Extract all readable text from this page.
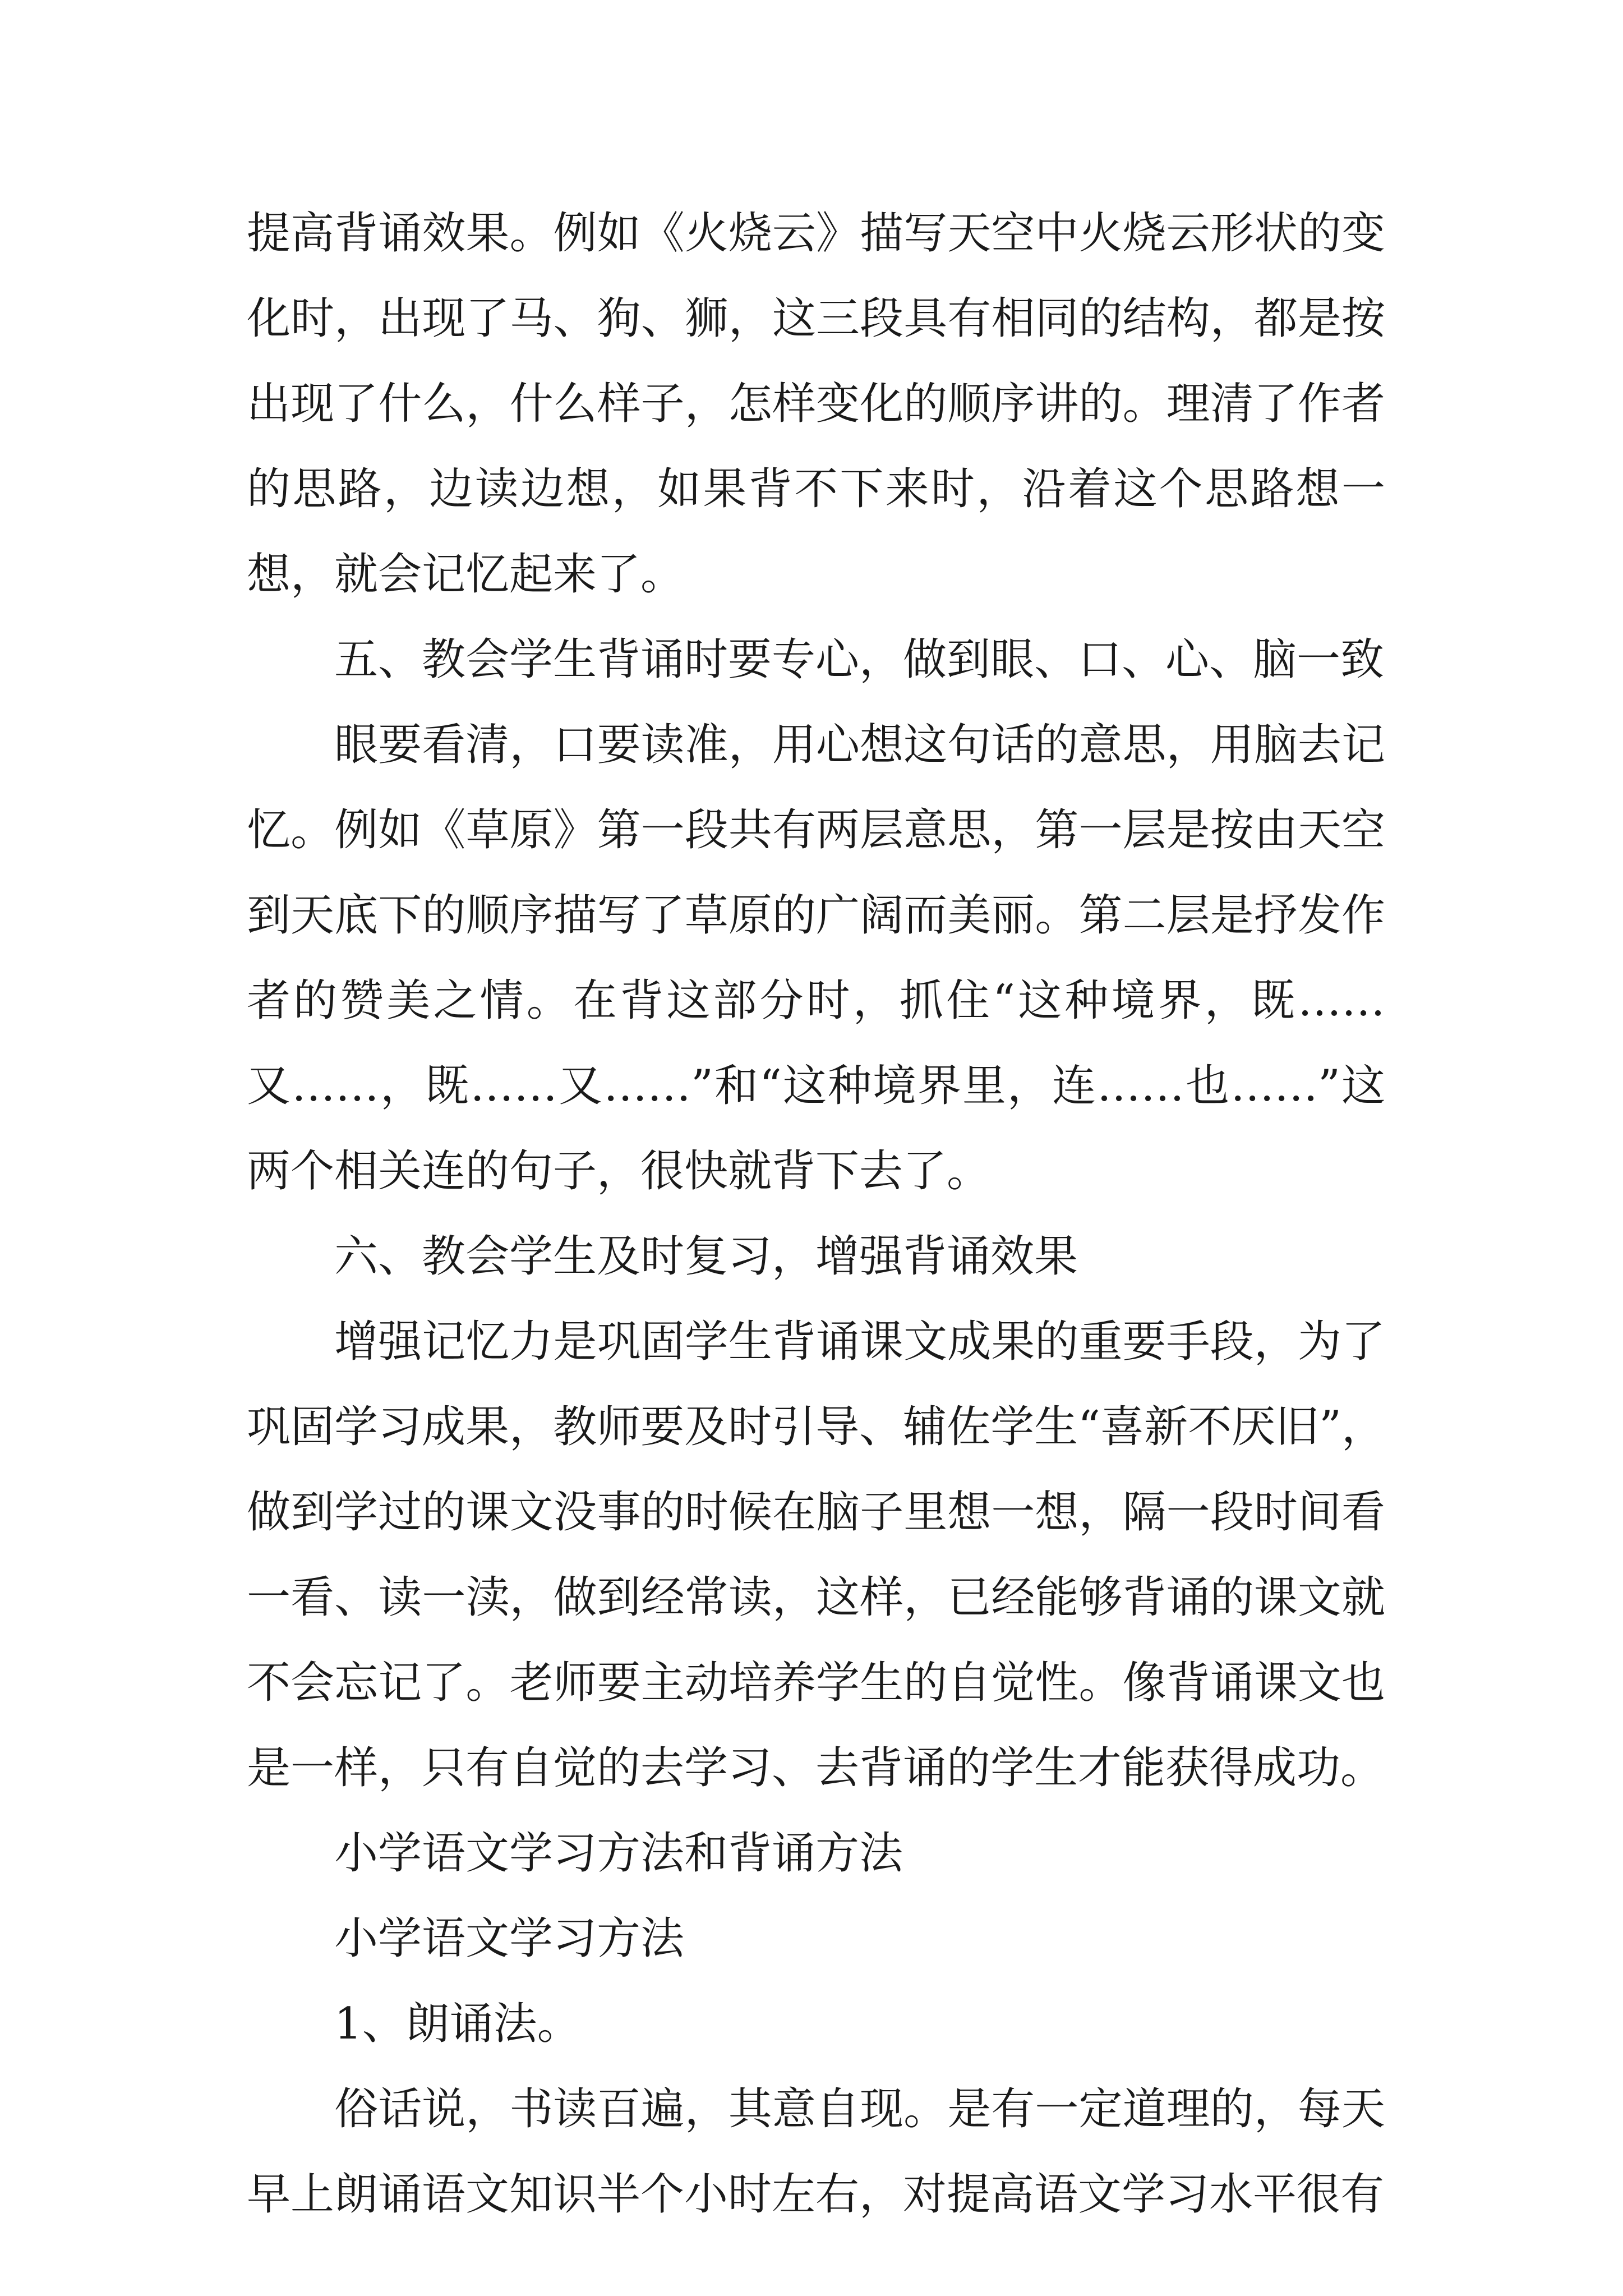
提高背诵效果。例如《火烧云》描写天空中火烧云形状的变化时，出现了马、狗、狮，这三段具有相同的结构，都是按出现了什么，什么样子，怎样变化的顺序讲的。理清了作者的思路，边读边想，如果背不下来时，沿着这个思路想一想，就会记忆起来了。

五、教会学生背诵时要专心，做到眼、口、心、脑一致

眼要看清，口要读准，用心想这句话的意思，用脑去记忆。例如《草原》第一段共有两层意思，第一层是按由天空到天底下的顺序描写了草原的广阔而美丽。第二层是抒发作者的赞美之情。在背这部分时，抓住“这种境界，既……又……，既……又……”和“这种境界里，连……也……”这两个相关连的句子，很快就背下去了。

六、教会学生及时复习，增强背诵效果

增强记忆力是巩固学生背诵课文成果的重要手段，为了巩固学习成果，教师要及时引导、辅佐学生“喜新不厌旧”，做到学过的课文没事的时候在脑子里想一想，隔一段时间看一看、读一渎，做到经常读，这样，已经能够背诵的课文就不会忘记了。老师要主动培养学生的自觉性。像背诵课文也是一样，只有自觉的去学习、去背诵的学生才能获得成功。

小学语文学习方法和背诵方法

小学语文学习方法

1、朗诵法。

俗话说，书读百遍，其意自现。是有一定道理的，每天早上朗诵语文知识半个小时左右，对提高语文学习水平很有
